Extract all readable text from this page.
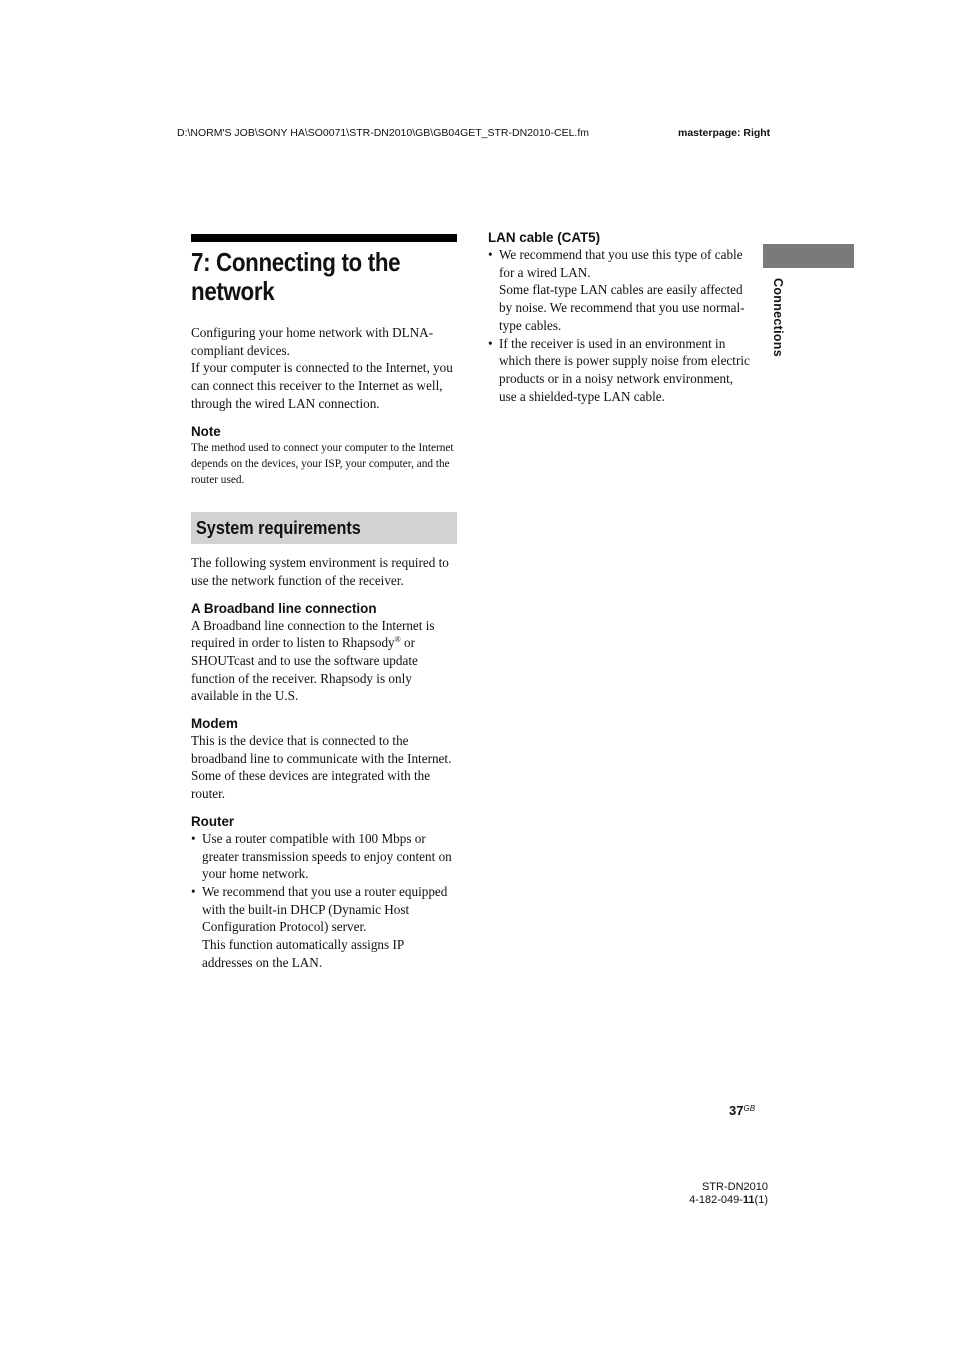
D:\NORM'S JOB\SONY HA\SO0071\STR-DN2010\GB\GB04GET_STR-DN2010-CEL.fm	masterpage: Right
7: Connecting to the network

Configuring your home network with DLNA-compliant devices.

If your computer is connected to the Internet, you can connect this receiver to the Internet as well, through the wired LAN connection.

Note

The method used to connect your computer to the Internet depends on the devices, your ISP, your computer, and the router used.

System requirements

The following system environment is required to use the network function of the receiver.

A Broadband line connection

A Broadband line connection to the Internet is required in order to listen to Rhapsody® or SHOUTcast and to use the software update function of the receiver. Rhapsody is only available in the U.S.

Modem

This is the device that is connected to the broadband line to communicate with the Internet. Some of these devices are integrated with the router.

Router
• Use a router compatible with 100 Mbps or greater transmission speeds to enjoy content on your home network.
• We recommend that you use a router equipped with the built-in DHCP (Dynamic Host Configuration Protocol) server.
This function automatically assigns IP addresses on the LAN.
LAN cable (CAT5)
• We recommend that you use this type of cable for a wired LAN.
Some flat-type LAN cables are easily affected by noise. We recommend that you use normal-type cables.
• If the receiver is used in an environment in which there is power supply noise from electric products or in a noisy network environment, use a shielded-type LAN cable.
Connections
$37^{GB}$
STR-DN2010
4-182-049-11(1)
